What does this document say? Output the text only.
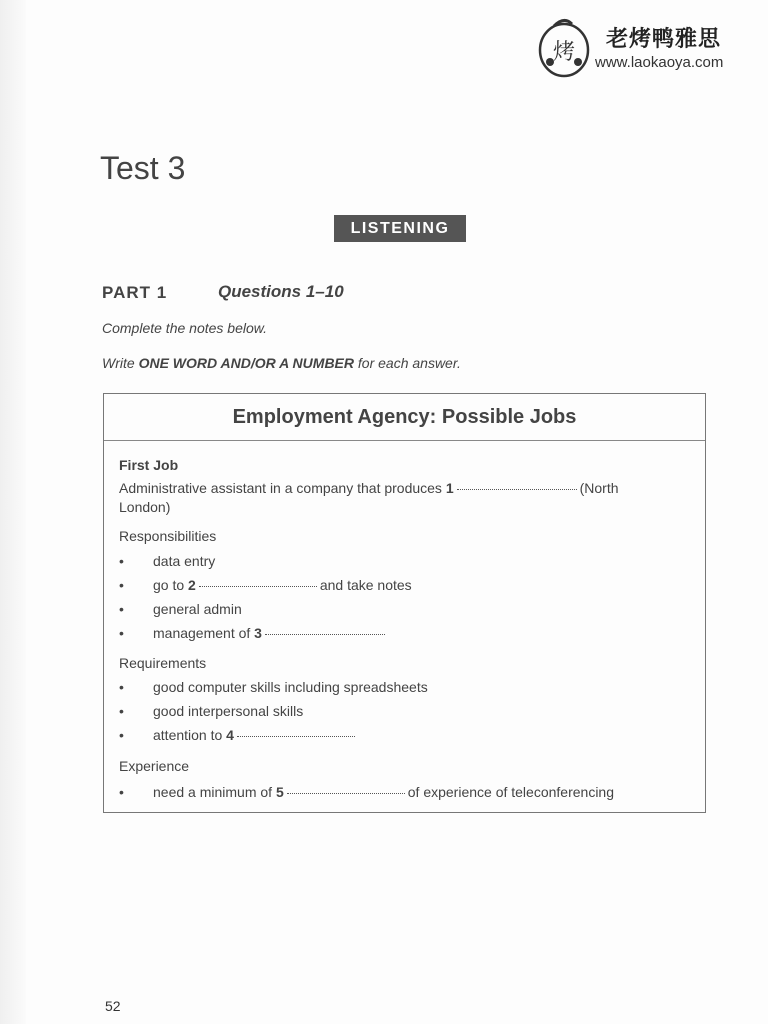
烤
老烤鸭雅思
www.laokaoya.com
Test 3
LISTENING
PART 1	Questions 1–10
Complete the notes below.
Write ONE WORD AND/OR A NUMBER for each answer.
Employment Agency: Possible Jobs
First Job
Administrative assistant in a company that produces 1	(North
London)
Responsibilities
• data entry
• go to 2	and take notes
• general admin
• management of 3
Requirements
• good computer skills including spreadsheets
• good interpersonal skills
• attention to 4
Experience
• need a minimum of 5	of experience of teleconferencing
52
